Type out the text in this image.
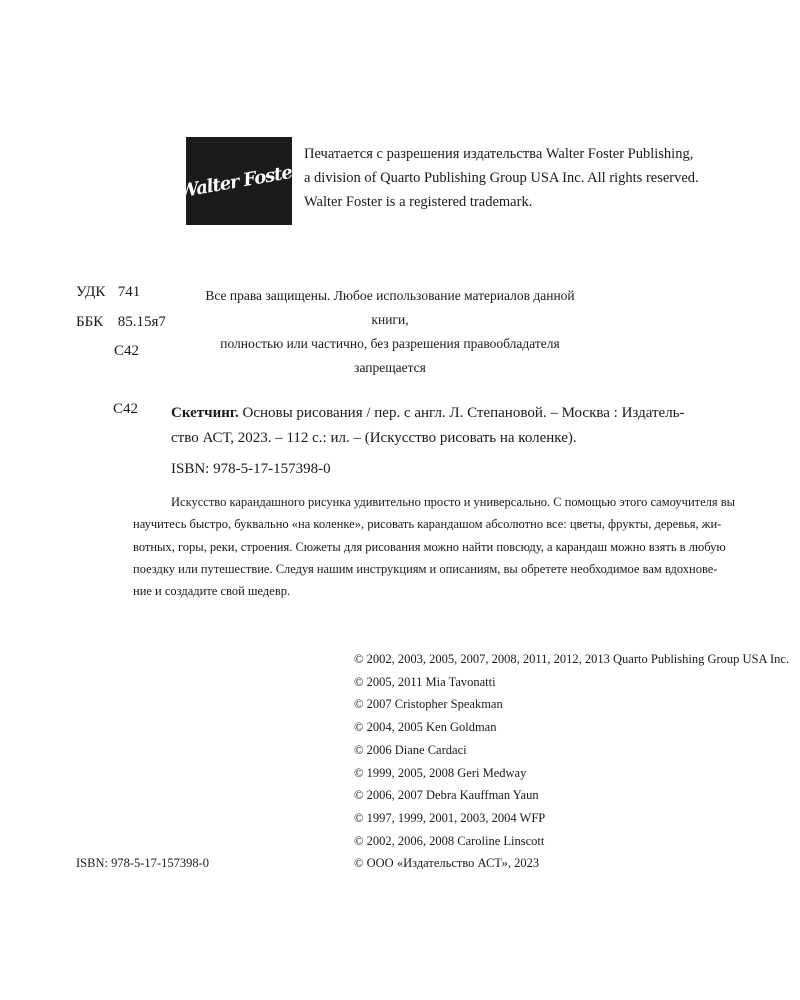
Walter Foster
Печатается с разрешения издательства Walter Foster Publishing,
a division of Quarto Publishing Group USA Inc. All rights reserved.
Walter Foster is a registered trademark.
УДК 741
ББК 85.15я7
С42
Все права защищены. Любое использование материалов данной книги,
полностью или частично, без разрешения правообладателя запрещается
С42 Скетчинг. Основы рисования / пер. с англ. Л. Степановой. – Москва : Издатель-
ство АСТ, 2023. – 112 с.: ил. – (Искусство рисовать на коленке).
ISBN: 978-5-17-157398-0
Искусство карандашного рисунка удивительно просто и универсально. С помощью этого самоучителя вы
научитесь быстро, буквально «на коленке», рисовать карандашом абсолютно все: цветы, фрукты, деревья, жи-
вотных, горы, реки, строения. Сюжеты для рисования можно найти повсюду, а карандаш можно взять в любую
поездку или путешествие. Следуя нашим инструкциям и описаниям, вы обретете необходимое вам вдохнове-
ние и создадите свой шедевр.
© 2002, 2003, 2005, 2007, 2008, 2011, 2012, 2013 Quarto Publishing Group USA Inc.
© 2005, 2011 Mia Tavonatti
© 2007 Cristopher Speakman
© 2004, 2005 Ken Goldman
© 2006 Diane Cardaci
© 1999, 2005, 2008 Geri Medway
© 2006, 2007 Debra Kauffman Yaun
© 1997, 1999, 2001, 2003, 2004 WFP
© 2002, 2006, 2008 Caroline Linscott
© ООО «Издательство АСТ», 2023
ISBN: 978-5-17-157398-0
